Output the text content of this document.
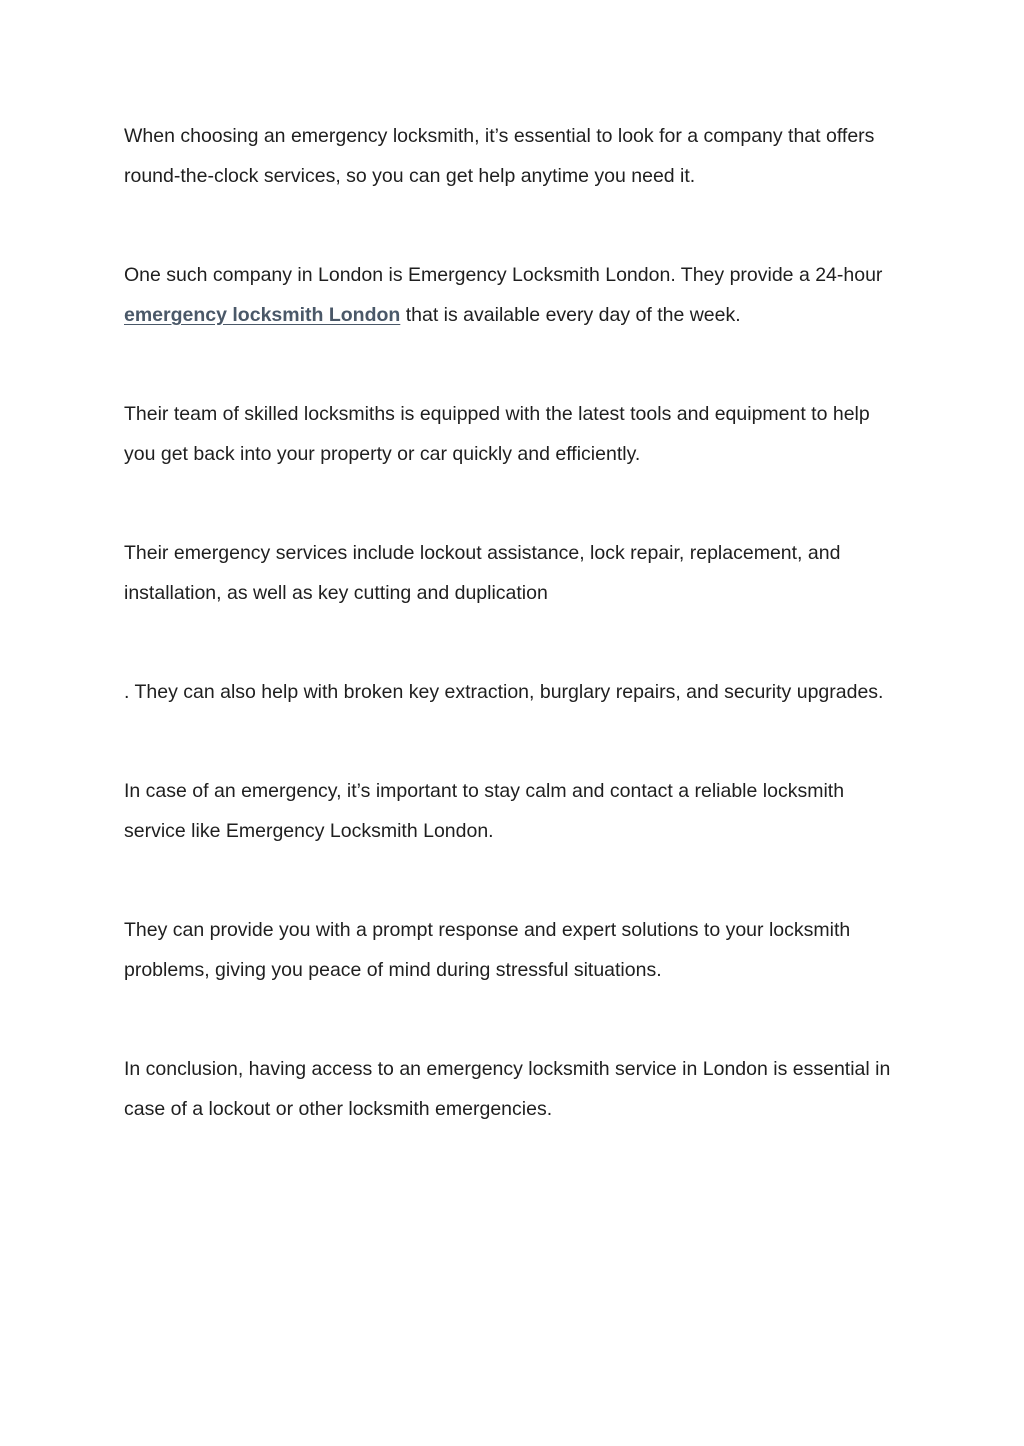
When choosing an emergency locksmith, it’s essential to look for a company that offers round-the-clock services, so you can get help anytime you need it.

One such company in London is Emergency Locksmith London. They provide a 24-hour emergency locksmith London that is available every day of the week.

Their team of skilled locksmiths is equipped with the latest tools and equipment to help you get back into your property or car quickly and efficiently.

Their emergency services include lockout assistance, lock repair, replacement, and installation, as well as key cutting and duplication

. They can also help with broken key extraction, burglary repairs, and security upgrades.

In case of an emergency, it’s important to stay calm and contact a reliable locksmith service like Emergency Locksmith London.

They can provide you with a prompt response and expert solutions to your locksmith problems, giving you peace of mind during stressful situations.

In conclusion, having access to an emergency locksmith service in London is essential in case of a lockout or other locksmith emergencies.
